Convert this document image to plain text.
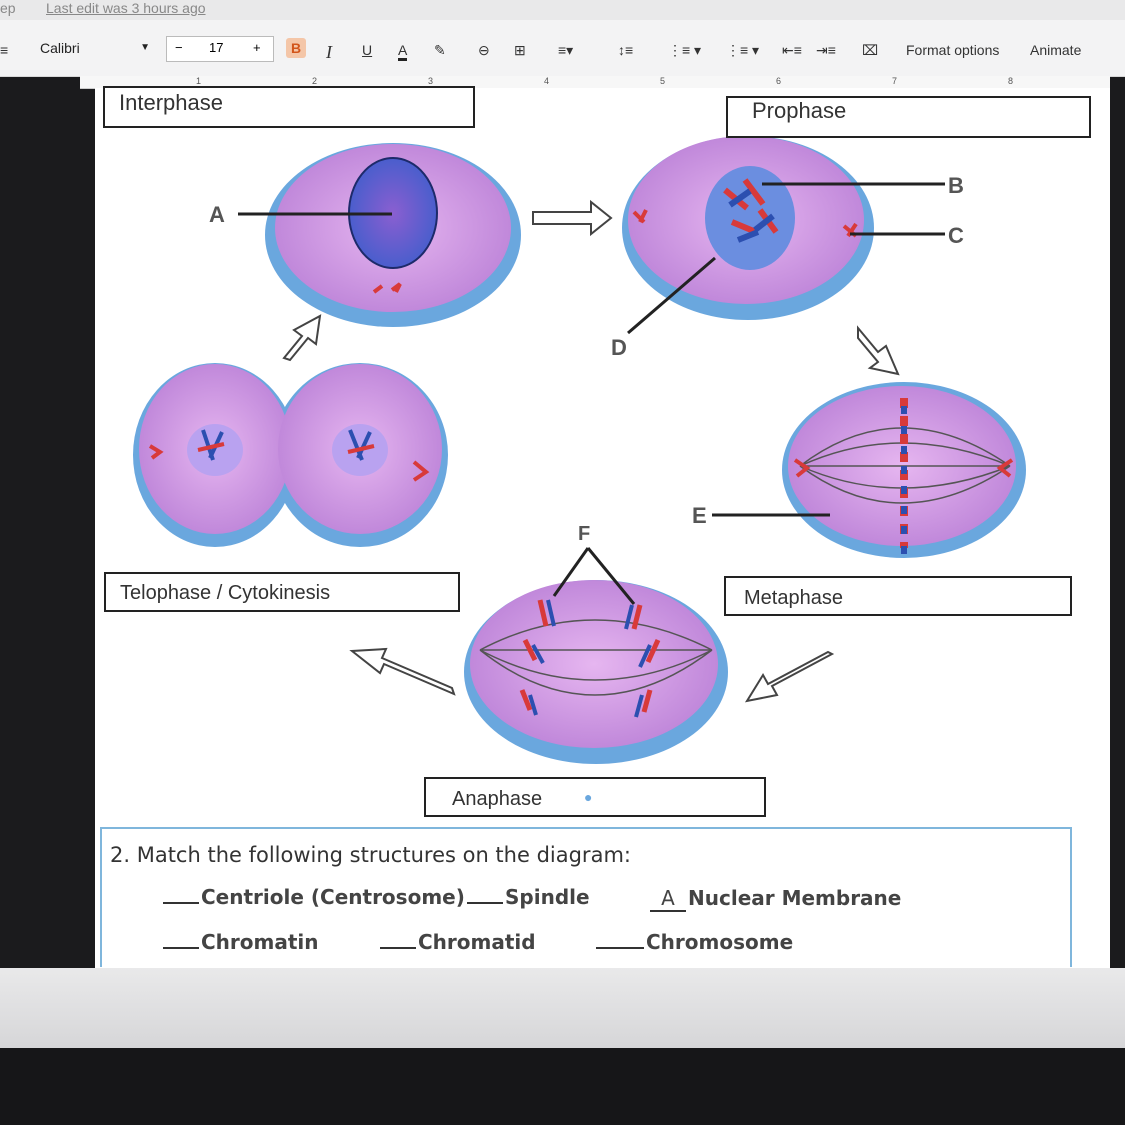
ep Last edit was 3 hours ago
≡ Calibri	▼ − 17 +	B I U A ✎ ⊖ ⊞ ≡▾	↕≡ ⋮≡ ▾ ⋮≡ ▾ ⇤≡ ⇥≡ ⌧ Format options Animate
1	2	3	4	5	6	7	8
A
B
C
D
E
F
Interphase	Prophase
Telophase / Cytokinesis	Metaphase
Anaphase	●
2. Match the following structures on the diagram:
Centriole (Centrosome)	Spindle	A Nuclear Membrane
Chromatin	Chromatid	Chromosome
